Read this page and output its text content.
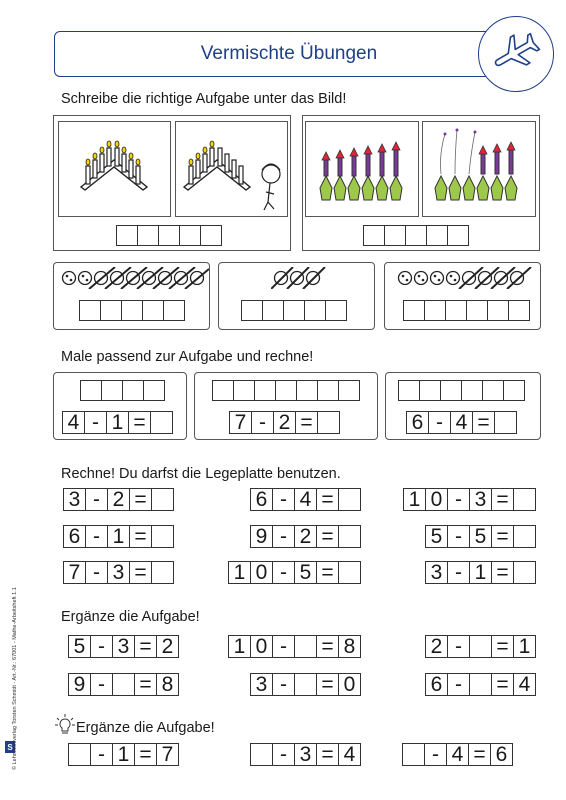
Vermischte Übungen
Schreibe die richtige Aufgabe unter das Bild!
Male passend zur Aufgabe und rechne!
4 - 1 =	7 - 2 =	6 - 4 =
Rechne! Du darfst die Legeplatte benutzen.
3 - 2 =	6 - 4 =	1 0 - 3 =
6 - 1 =	9 - 2 =	5 - 5 =
7 - 3 =	1 0 - 5 =	3 - 1 =
Ergänze die Aufgabe!
5 - 3 = 2	1 0 -	= 8	2 -	= 1
9 -	= 8	3 -	= 0	6 -	= 4
Ergänze die Aufgabe!
- 1 = 7	- 3 = 4	- 4 = 6
S © Lehmitteilverlag Torsten Schmidt - Art.-Nr.: 67001 - Mathe-Arbeitsheft 1.1
